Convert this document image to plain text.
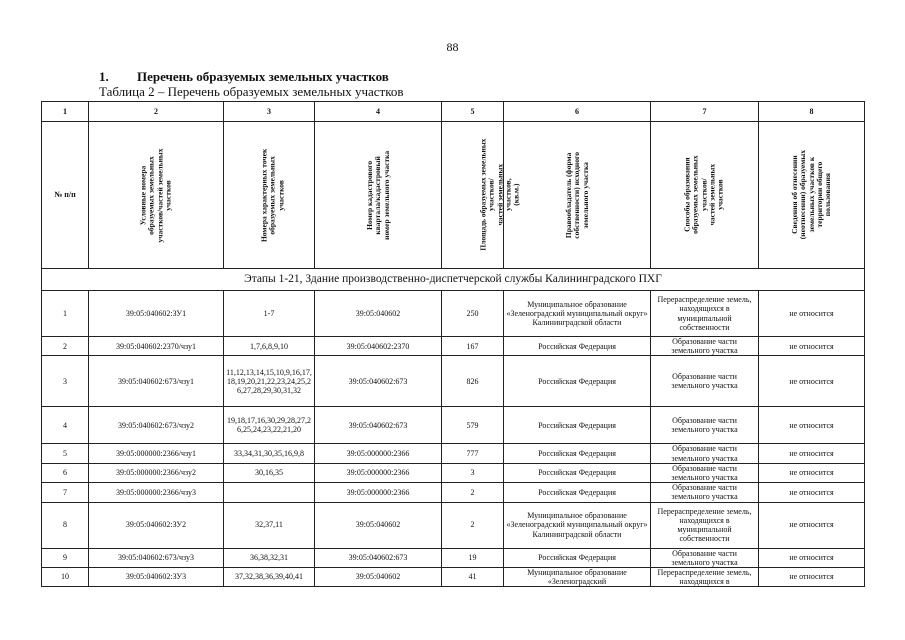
88
1. Перечень образуемых земельных участков
Таблица 2 – Перечень образуемых земельных участков
1	2	3	4	5	6	7	8
№ п/п	Условные номера
образуемых земельных
участков/частей земельных
участков	Номера характерных точек
образуемых земельных
участков	Номер кадастрового
квартала/кадастровый
номер земельного участка	Площадь образуемых земельных
участков/
частей земельных
участков,
(кв.м.)	Правообладатель (форма
собственности) исходного
земельного участка	Способы образования
образуемых земельных
участков/
частей земельных
участков	Сведения об отнесении
(неотнесении) образуемых
земельных участков к
территории общего
пользования
Этапы 1-21, Здание производственно-диспетчерской службы Калининградского ПХГ							
1	39:05:040602:ЗУ1	1-7	39:05:040602	250	Муниципальное образование «Зеленоградский муниципальный округ» Калининградской области	Перераспределение земель, находящихся в муниципальной собственности	не относится
2	39:05:040602:2370/чзу1	1,7,6,8,9,10	39:05:040602:2370	167	Российская Федерация	Образование части земельного участка	не относится
3	39:05:040602:673/чзу1	11,12,13,14,15,10,9,16,17,18,19,20,21,22,23,24,25,26,27,28,29,30,31,32	39:05:040602:673	826	Российская Федерация	Образование части земельного участка	не относится
4	39:05:040602:673/чзу2	19,18,17,16,30,29,28,27,26,25,24,23,22,21,20	39:05:040602:673	579	Российская Федерация	Образование части земельного участка	не относится
5	39:05:000000:2366/чзу1	33,34,31,30,35,16,9,8	39:05:000000:2366	777	Российская Федерация	Образование части земельного участка	не относится
6	39:05:000000:2366/чзу2	30,16,35	39:05:000000:2366	3	Российская Федерация	Образование части земельного участка	не относится
7	39:05:000000:2366/чзу3		39:05:000000:2366	2	Российская Федерация	Образование части земельного участка	не относится
8	39:05:040602:ЗУ2	32,37,11	39:05:040602	2	Муниципальное образование «Зеленоградский муниципальный округ» Калининградской области	Перераспределение земель, находящихся в муниципальной собственности	не относится
9	39:05:040602:673/чзу3	36,38,32,31	39:05:040602:673	19	Российская Федерация	Образование части земельного участка	не относится
10	39:05:040602:ЗУ3	37,32,38,36,39,40,41	39:05:040602	41	Муниципальное образование «Зеленоградский	Перераспределение земель, находящихся в	не относится
